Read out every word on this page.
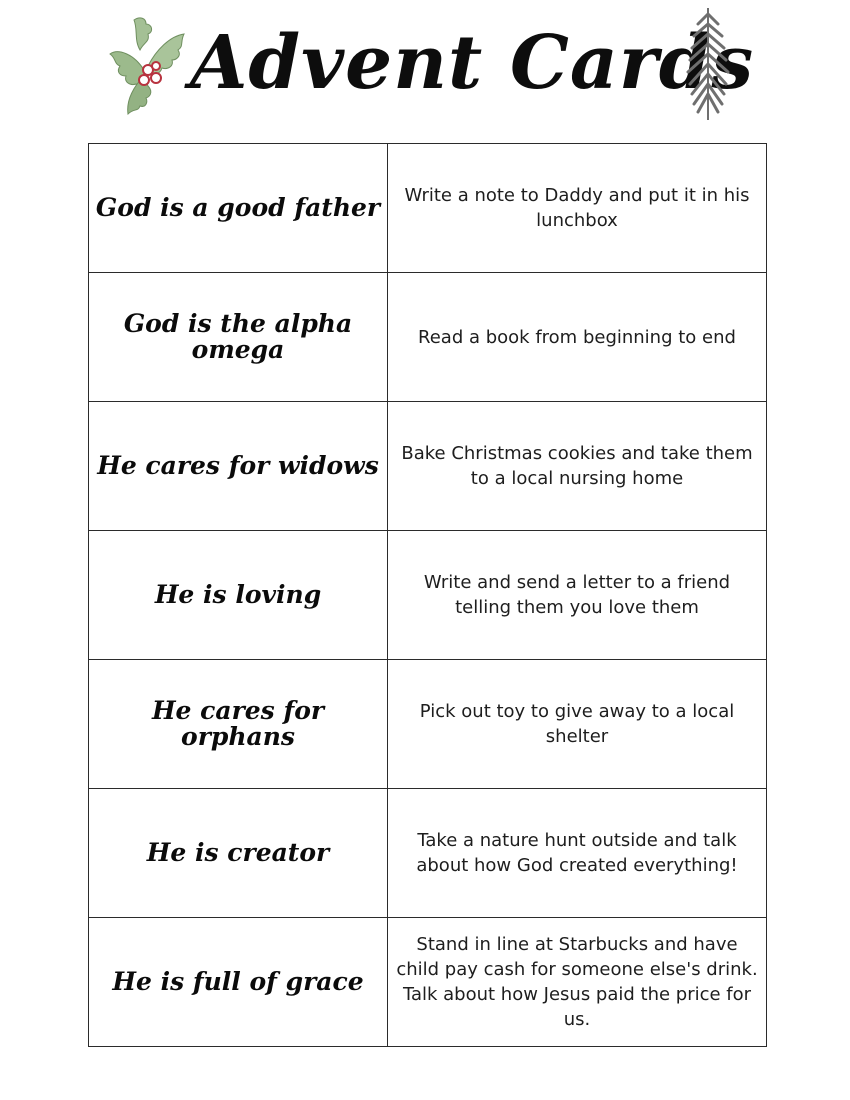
Advent Cards
God is a good father	Write a note to Daddy and put it in his lunchbox
God is the alpha omega	Read a book from beginning to end
He cares for widows	Bake Christmas cookies and take them to a local nursing home
He is loving	Write and send a letter to a friend telling them you love them
He cares for orphans	Pick out toy to give away to a local shelter
He is creator	Take a nature hunt outside and talk about how God created everything!
He is full of grace	Stand in line at Starbucks and have child pay cash for someone else's drink. Talk about how Jesus paid the price for us.
